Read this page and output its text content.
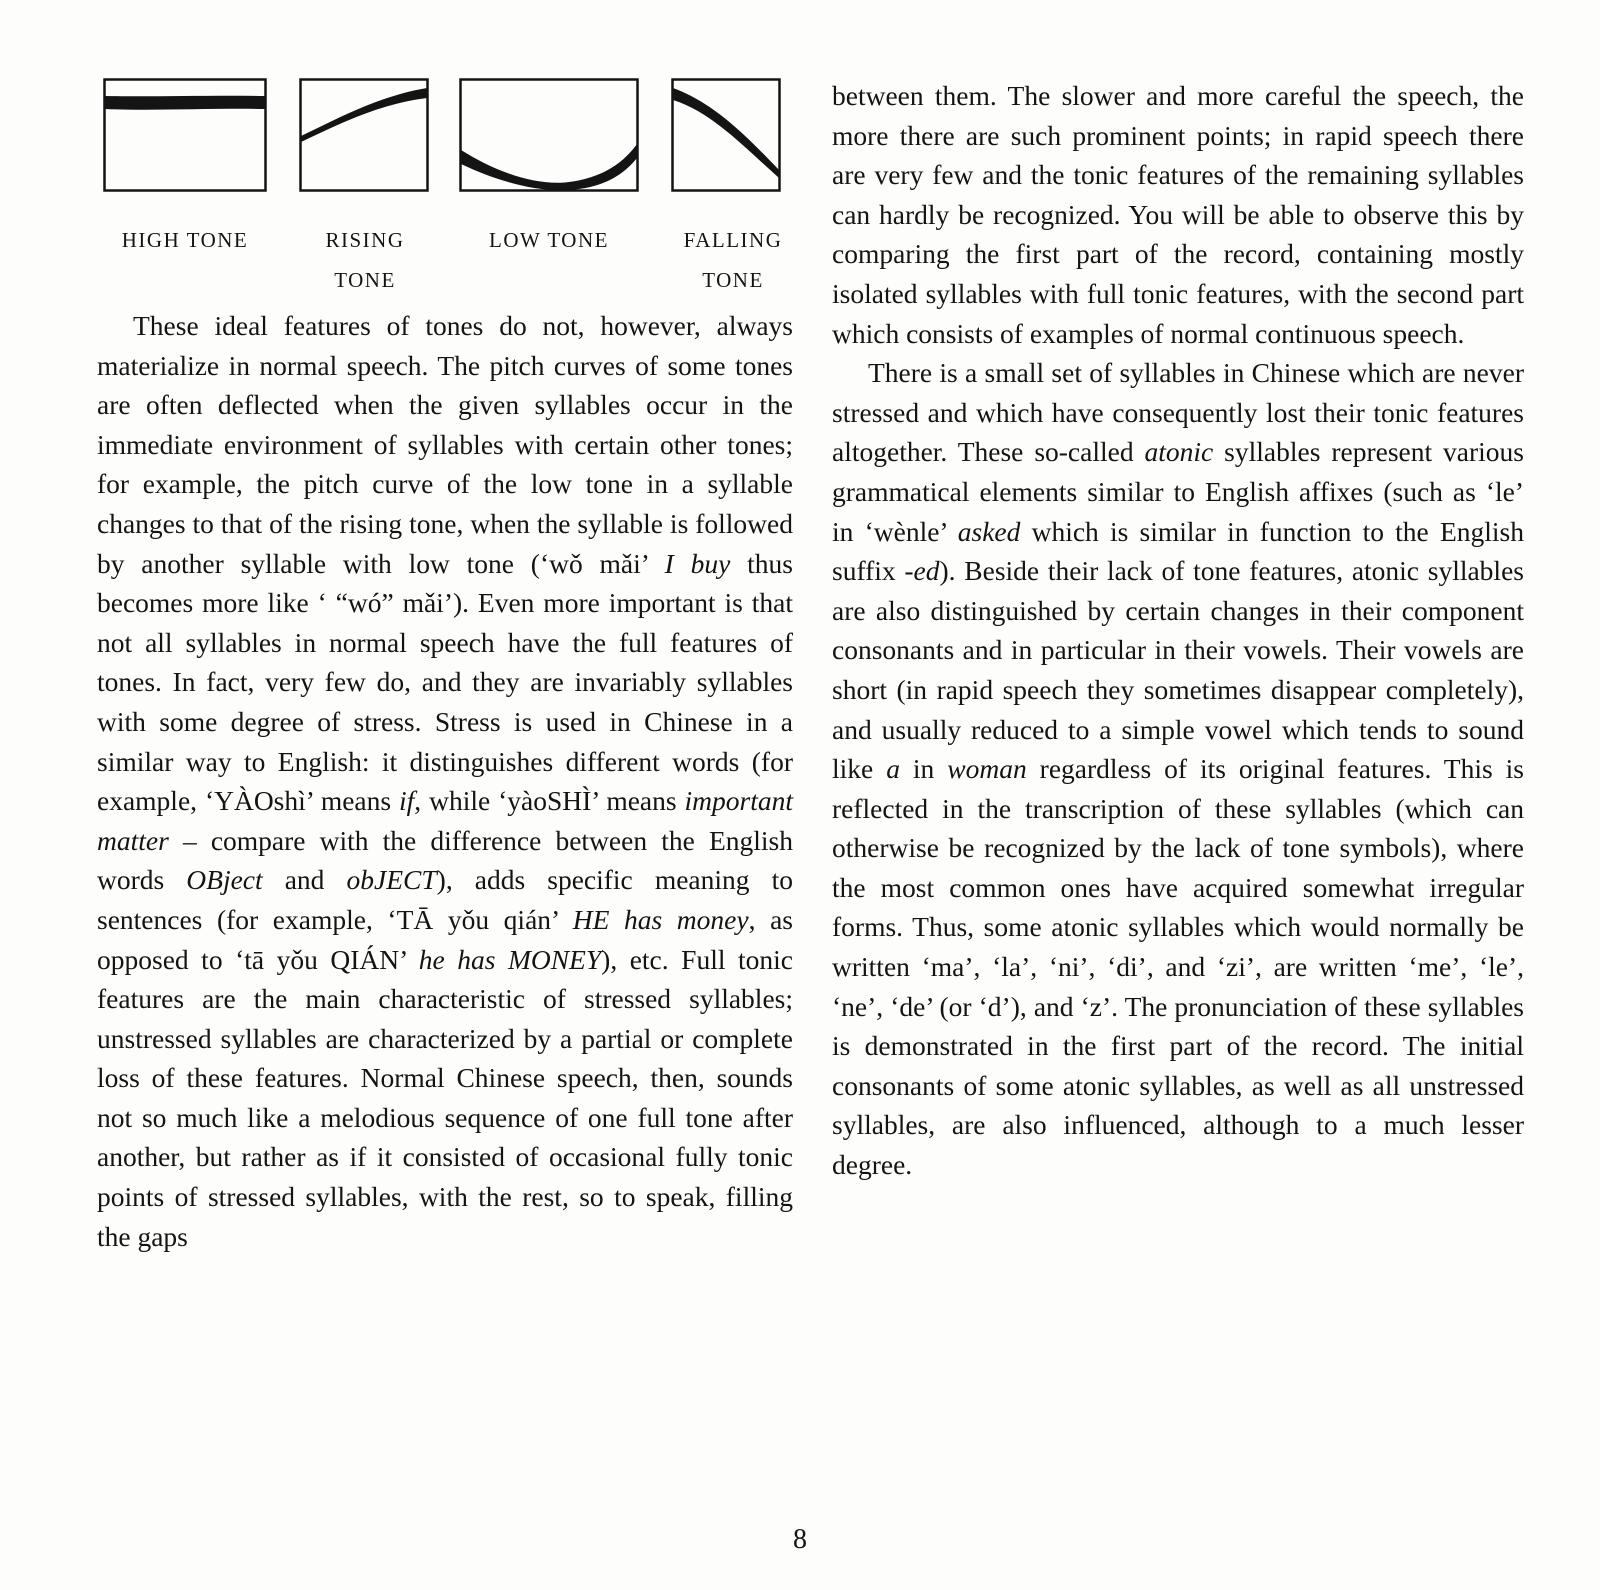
HIGH TONE	RISING TONE
LOW TONE	FALLING TONE

These ideal features of tones do not, however, always materialize in normal speech. The pitch curves of some tones are often deflected when the given syllables occur in the immediate environment of syllables with certain other tones; for example, the pitch curve of the low tone in a syllable changes to that of the rising tone, when the syllable is followed by another syllable with low tone (‘wǒ mǎi’ I buy thus becomes more like ‘ “wó” mǎi’). Even more important is that not all syllables in normal speech have the full features of tones. In fact, very few do, and they are invariably syllables with some degree of stress. Stress is used in Chinese in a similar way to English: it distinguishes different words (for example, ‘YÀOshì’ means if, while ‘yàoSHÌ’ means important matter – compare with the difference between the English words OBject and obJECT), adds specific meaning to sentences (for example, ‘TĀ yǒu qián’ HE has money, as opposed to ‘tā yǒu QIÁN’ he has MONEY), etc. Full tonic features are the main characteristic of stressed syllables; unstressed syllables are characterized by a partial or complete loss of these features. Normal Chinese speech, then, sounds not so much like a melodious sequence of one full tone after another, but rather as if it consisted of occasional fully tonic points of stressed syllables, with the rest, so to speak, filling the gaps

between them. The slower and more careful the speech, the more there are such prominent points; in rapid speech there are very few and the tonic features of the remaining syllables can hardly be recognized. You will be able to observe this by comparing the first part of the record, containing mostly isolated syllables with full tonic features, with the second part which consists of examples of normal continuous speech.

There is a small set of syllables in Chinese which are never stressed and which have consequently lost their tonic features altogether. These so-called atonic syllables represent various grammatical elements similar to English affixes (such as ‘le’ in ‘wènle’ asked which is similar in function to the English suffix -ed). Beside their lack of tone features, atonic syllables are also distinguished by certain changes in their component consonants and in particular in their vowels. Their vowels are short (in rapid speech they sometimes disappear completely), and usually reduced to a simple vowel which tends to sound like a in woman regardless of its original features. This is reflected in the transcription of these syllables (which can otherwise be recognized by the lack of tone symbols), where the most common ones have acquired somewhat irregular forms. Thus, some atonic syllables which would normally be written ‘ma’, ‘la’, ‘ni’, ‘di’, and ‘zi’, are written ‘me’, ‘le’, ‘ne’, ‘de’ (or ‘d’), and ‘z’. The pronunciation of these syllables is demonstrated in the first part of the record. The initial consonants of some atonic syllables, as well as all unstressed syllables, are also influenced, although to a much lesser degree.

8
